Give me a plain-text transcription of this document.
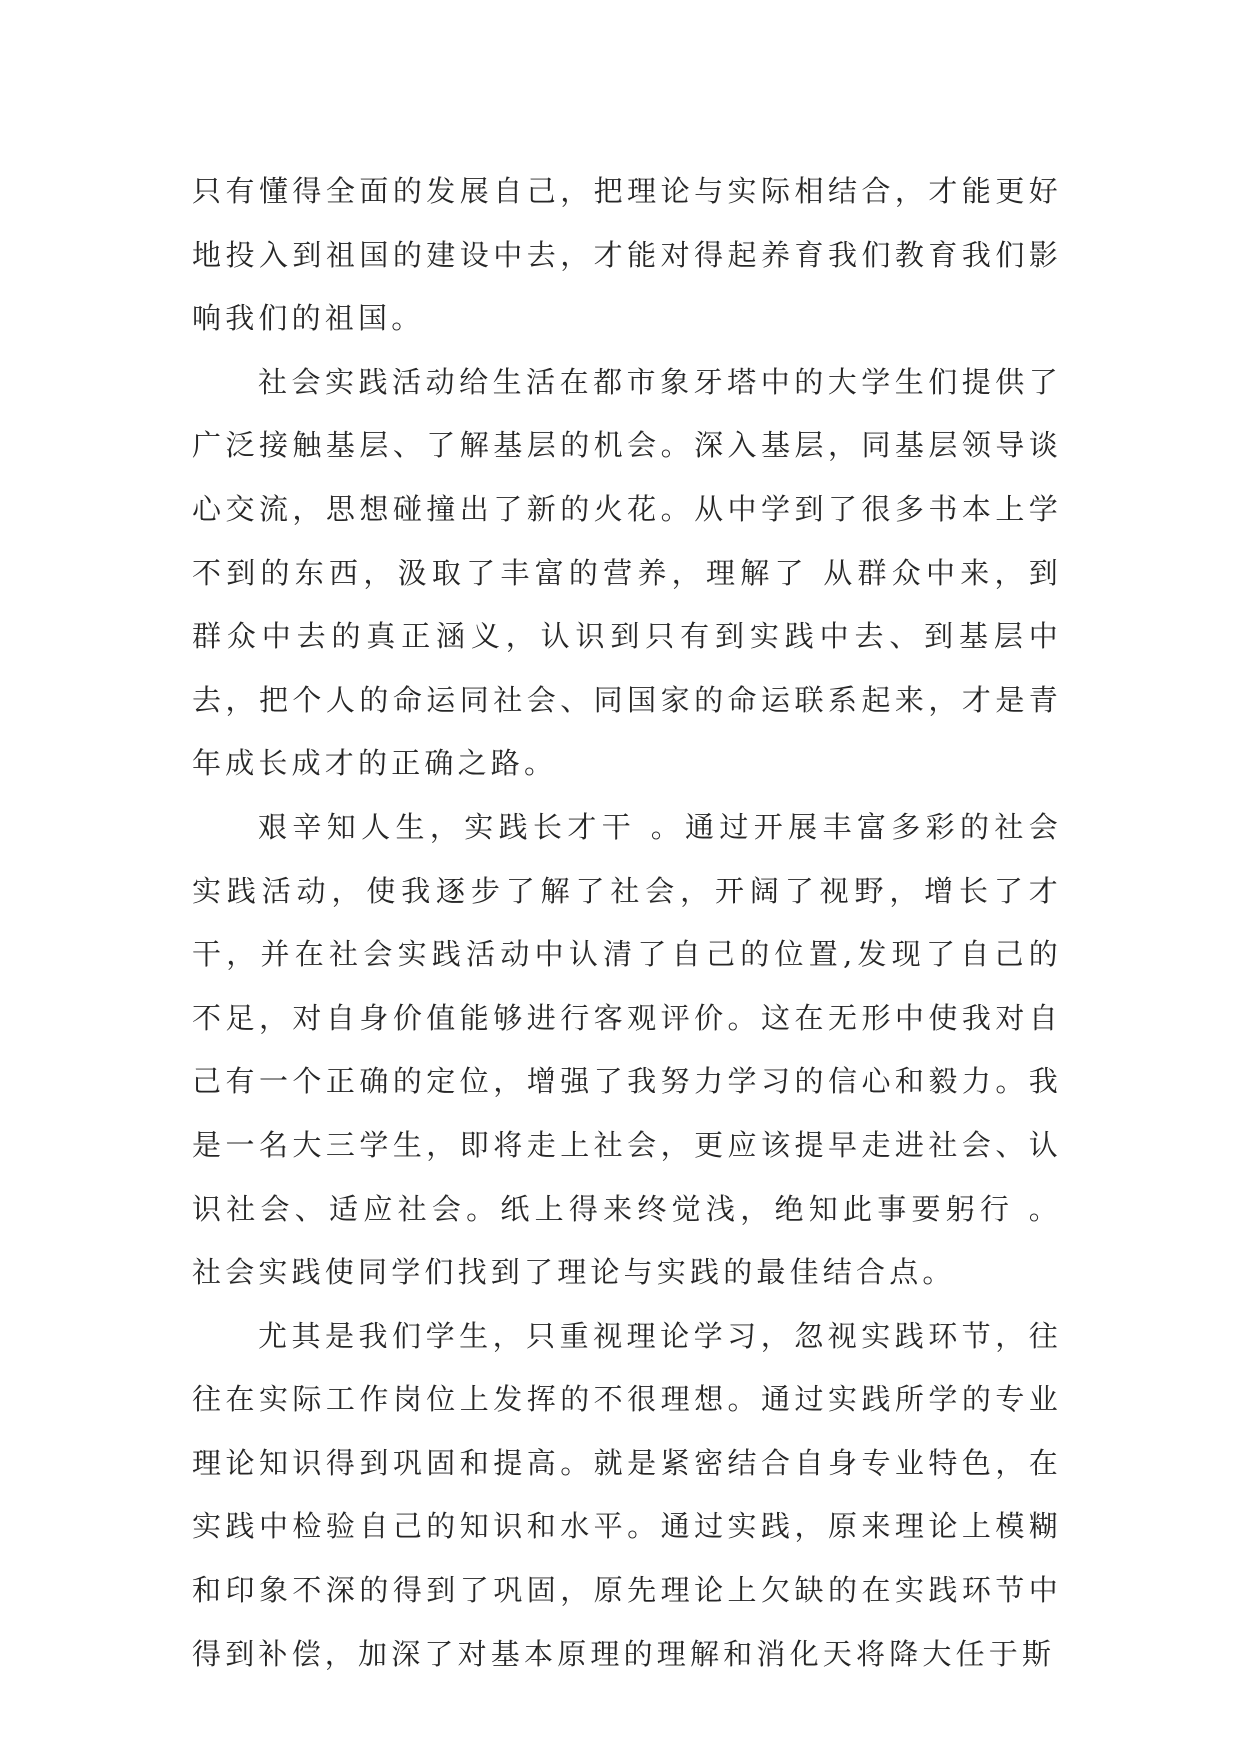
只有懂得全面的发展自己，把理论与实际相结合，才能更好地投入到祖国的建设中去，才能对得起养育我们教育我们影响我们的祖国。

社会实践活动给生活在都市象牙塔中的大学生们提供了广泛接触基层、了解基层的机会。深入基层，同基层领导谈心交流，思想碰撞出了新的火花。从中学到了很多书本上学不到的东西，汲取了丰富的营养，理解了 从群众中来，到群众中去的真正涵义，认识到只有到实践中去、到基层中去，把个人的命运同社会、同国家的命运联系起来，才是青年成长成才的正确之路。

艰辛知人生，实践长才干 。通过开展丰富多彩的社会实践活动，使我逐步了解了社会，开阔了视野，增长了才干，并在社会实践活动中认清了自己的位置,发现了自己的不足，对自身价值能够进行客观评价。这在无形中使我对自己有一个正确的定位，增强了我努力学习的信心和毅力。我是一名大三学生，即将走上社会，更应该提早走进社会、认识社会、适应社会。纸上得来终觉浅，绝知此事要躬行 。社会实践使同学们找到了理论与实践的最佳结合点。

尤其是我们学生，只重视理论学习，忽视实践环节，往往在实际工作岗位上发挥的不很理想。通过实践所学的专业理论知识得到巩固和提高。就是紧密结合自身专业特色，在实践中检验自己的知识和水平。通过实践，原来理论上模糊和印象不深的得到了巩固，原先理论上欠缺的在实践环节中得到补偿，加深了对基本原理的理解和消化天将降大任于斯
